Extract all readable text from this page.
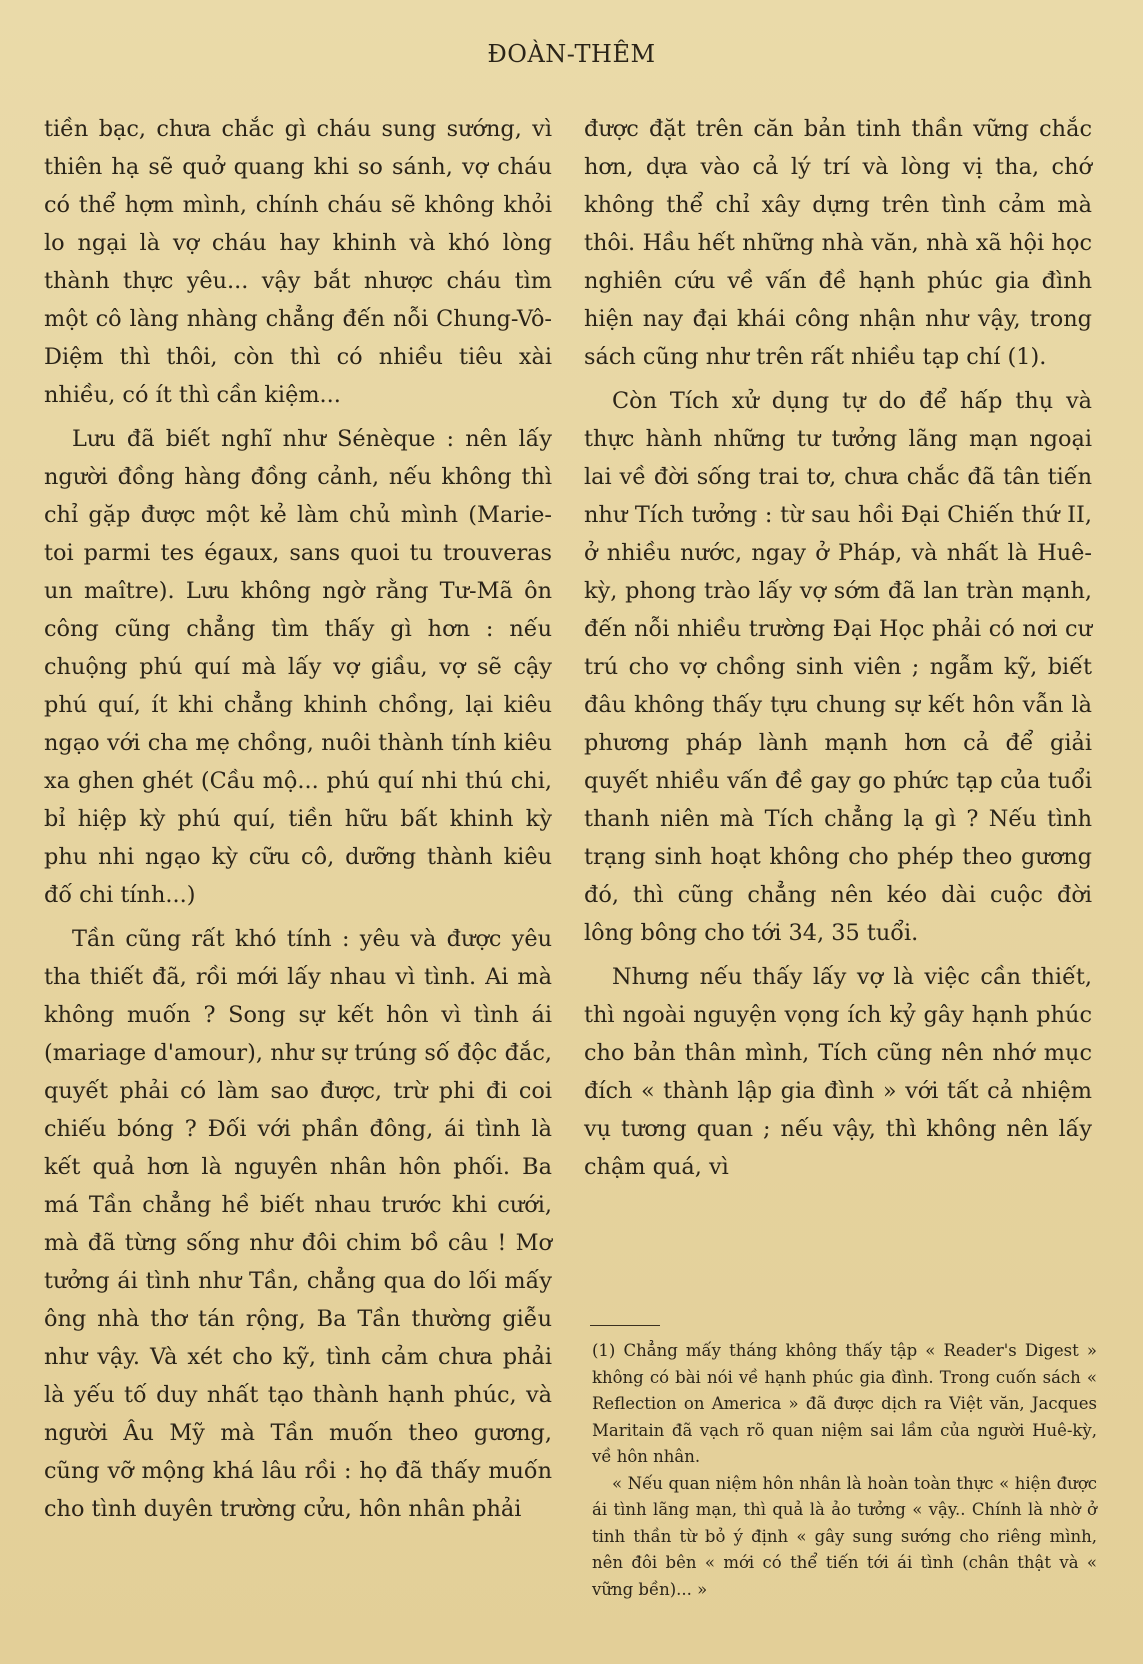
ĐOÀN-THÊM

tiền bạc, chưa chắc gì cháu sung sướng, vì thiên hạ sẽ quở quang khi so sánh, vợ cháu có thể hợm mình, chính cháu sẽ không khỏi lo ngại là vợ cháu hay khinh và khó lòng thành thực yêu... vậy bắt nhược cháu tìm một cô làng nhàng chẳng đến nỗi Chung-Vô-Diệm thì thôi, còn thì có nhiều tiêu xài nhiều, có ít thì cần kiệm...

Lưu đã biết nghĩ như Sénèque : nên lấy người đồng hàng đồng cảnh, nếu không thì chỉ gặp được một kẻ làm chủ mình (Marie-toi parmi tes égaux, sans quoi tu trouveras un maître). Lưu không ngờ rằng Tư-Mã ôn công cũng chẳng tìm thấy gì hơn : nếu chuộng phú quí mà lấy vợ giầu, vợ sẽ cậy phú quí, ít khi chẳng khinh chồng, lại kiêu ngạo với cha mẹ chồng, nuôi thành tính kiêu xa ghen ghét (Cầu mộ... phú quí nhi thú chi, bỉ hiệp kỳ phú quí, tiền hữu bất khinh kỳ phu nhi ngạo kỳ cữu cô, dưỡng thành kiêu đố chi tính...)

Tần cũng rất khó tính : yêu và được yêu tha thiết đã, rồi mới lấy nhau vì tình. Ai mà không muốn ? Song sự kết hôn vì tình ái (mariage d'amour), như sự trúng số độc đắc, quyết phải có làm sao được, trừ phi đi coi chiếu bóng ? Đối với phần đông, ái tình là kết quả hơn là nguyên nhân hôn phối. Ba má Tần chẳng hề biết nhau trước khi cưới, mà đã từng sống như đôi chim bồ câu ! Mơ tưởng ái tình như Tần, chẳng qua do lối mấy ông nhà thơ tán rộng, Ba Tần thường giễu như vậy. Và xét cho kỹ, tình cảm chưa phải là yếu tố duy nhất tạo thành hạnh phúc, và người Âu Mỹ mà Tần muốn theo gương, cũng vỡ mộng khá lâu rồi : họ đã thấy muốn cho tình duyên trường cửu, hôn nhân phải

được đặt trên căn bản tinh thần vững chắc hơn, dựa vào cả lý trí và lòng vị tha, chớ không thể chỉ xây dựng trên tình cảm mà thôi. Hầu hết những nhà văn, nhà xã hội học nghiên cứu về vấn đề hạnh phúc gia đình hiện nay đại khái công nhận như vậy, trong sách cũng như trên rất nhiều tạp chí (1).

Còn Tích xử dụng tự do để hấp thụ và thực hành những tư tưởng lãng mạn ngoại lai về đời sống trai tơ, chưa chắc đã tân tiến như Tích tưởng : từ sau hồi Đại Chiến thứ II, ở nhiều nước, ngay ở Pháp, và nhất là Huê-kỳ, phong trào lấy vợ sớm đã lan tràn mạnh, đến nỗi nhiều trường Đại Học phải có nơi cư trú cho vợ chồng sinh viên ; ngẫm kỹ, biết đâu không thấy tựu chung sự kết hôn vẫn là phương pháp lành mạnh hơn cả để giải quyết nhiều vấn đề gay go phức tạp của tuổi thanh niên mà Tích chẳng lạ gì ? Nếu tình trạng sinh hoạt không cho phép theo gương đó, thì cũng chẳng nên kéo dài cuộc đời lông bông cho tới 34, 35 tuổi.

Nhưng nếu thấy lấy vợ là việc cần thiết, thì ngoài nguyện vọng ích kỷ gây hạnh phúc cho bản thân mình, Tích cũng nên nhớ mục đích « thành lập gia đình » với tất cả nhiệm vụ tương quan ; nếu vậy, thì không nên lấy chậm quá, vì

(1) Chẳng mấy tháng không thấy tập « Reader's Digest » không có bài nói về hạnh phúc gia đình. Trong cuốn sách « Reflection on America » đã được dịch ra Việt văn, Jacques Maritain đã vạch rõ quan niệm sai lầm của người Huê-kỳ, về hôn nhân.

« Nếu quan niệm hôn nhân là hoàn toàn thực « hiện được ái tình lãng mạn, thì quả là ảo tưởng « vậy.. Chính là nhờ ở tinh thần từ bỏ ý định « gây sung sướng cho riêng mình, nên đôi bên « mới có thể tiến tới ái tình (chân thật và « vững bền)... »
